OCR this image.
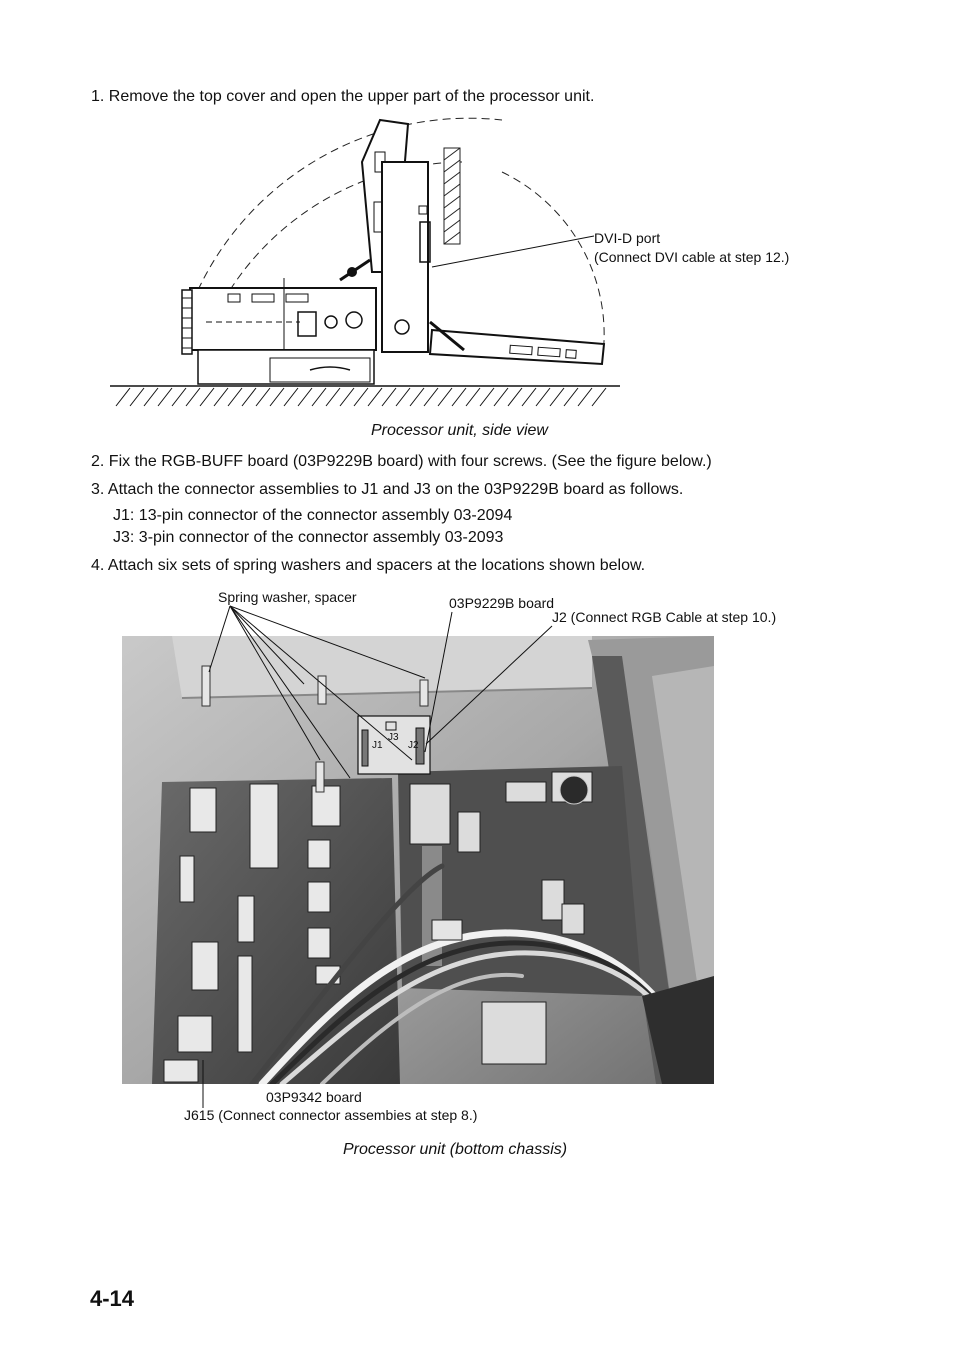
1. Remove the top cover and open the upper part of the processor unit.
DVI-D port
(Connect DVI cable at step 12.)
Processor unit, side view
2. Fix the RGB-BUFF board (03P9229B board) with four screws. (See the figure below.)
3. Attach the connector assemblies to J1 and J3 on the 03P9229B board as follows.
J1: 13-pin connector of the connector assembly 03-2094
J3: 3-pin connector of the connector assembly 03-2093
4. Attach six sets of spring washers and spacers at the locations shown below.
Spring washer, spacer	03P9229B board
J2 (Connect RGB Cable at step 10.)
J1
J3
J2
03P9342 board
J615 (Connect connector assembies at step 8.)
Processor unit (bottom chassis)
4-14
